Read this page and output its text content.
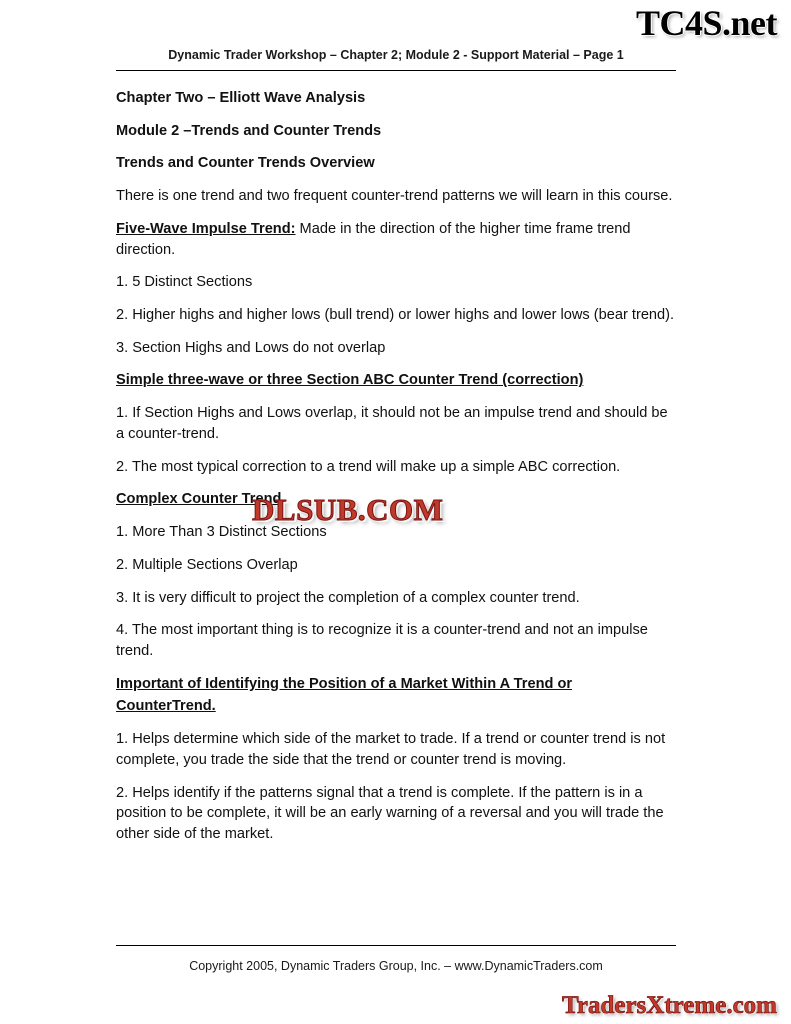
TC4S.net
Dynamic Trader Workshop – Chapter 2; Module 2 - Support Material – Page 1

Chapter Two – Elliott Wave Analysis

Module 2 –Trends and Counter Trends

Trends and Counter Trends Overview

There is one trend and two frequent counter-trend patterns we will learn in this course.

Five-Wave Impulse Trend: Made in the direction of the higher time frame trend direction.

1. 5 Distinct Sections

2. Higher highs and higher lows (bull trend) or lower highs and lower lows (bear trend).

3. Section Highs and Lows do not overlap

Simple three-wave or three Section ABC Counter Trend (correction)

1. If Section Highs and Lows overlap, it should not be an impulse trend and should be a counter-trend.

2. The most typical correction to a trend will make up a simple ABC correction.

Complex Counter Trend

1. More Than 3 Distinct Sections

2. Multiple Sections Overlap

3. It is very difficult to project the completion of a complex counter trend.

4. The most important thing is to recognize it is a counter-trend and not an impulse trend.

Important of Identifying the Position of a Market Within A Trend or

CounterTrend.

1. Helps determine which side of the market to trade. If a trend or counter trend is not complete, you trade the side that the trend or counter trend is moving.

2. Helps identify if the patterns signal that a trend is complete. If the pattern is in a position to be complete, it will be an early warning of a reversal and you will trade the other side of the market.

DLSUB.COM
Copyright 2005, Dynamic Traders Group, Inc. – www.DynamicTraders.com
TradersXtreme.com
